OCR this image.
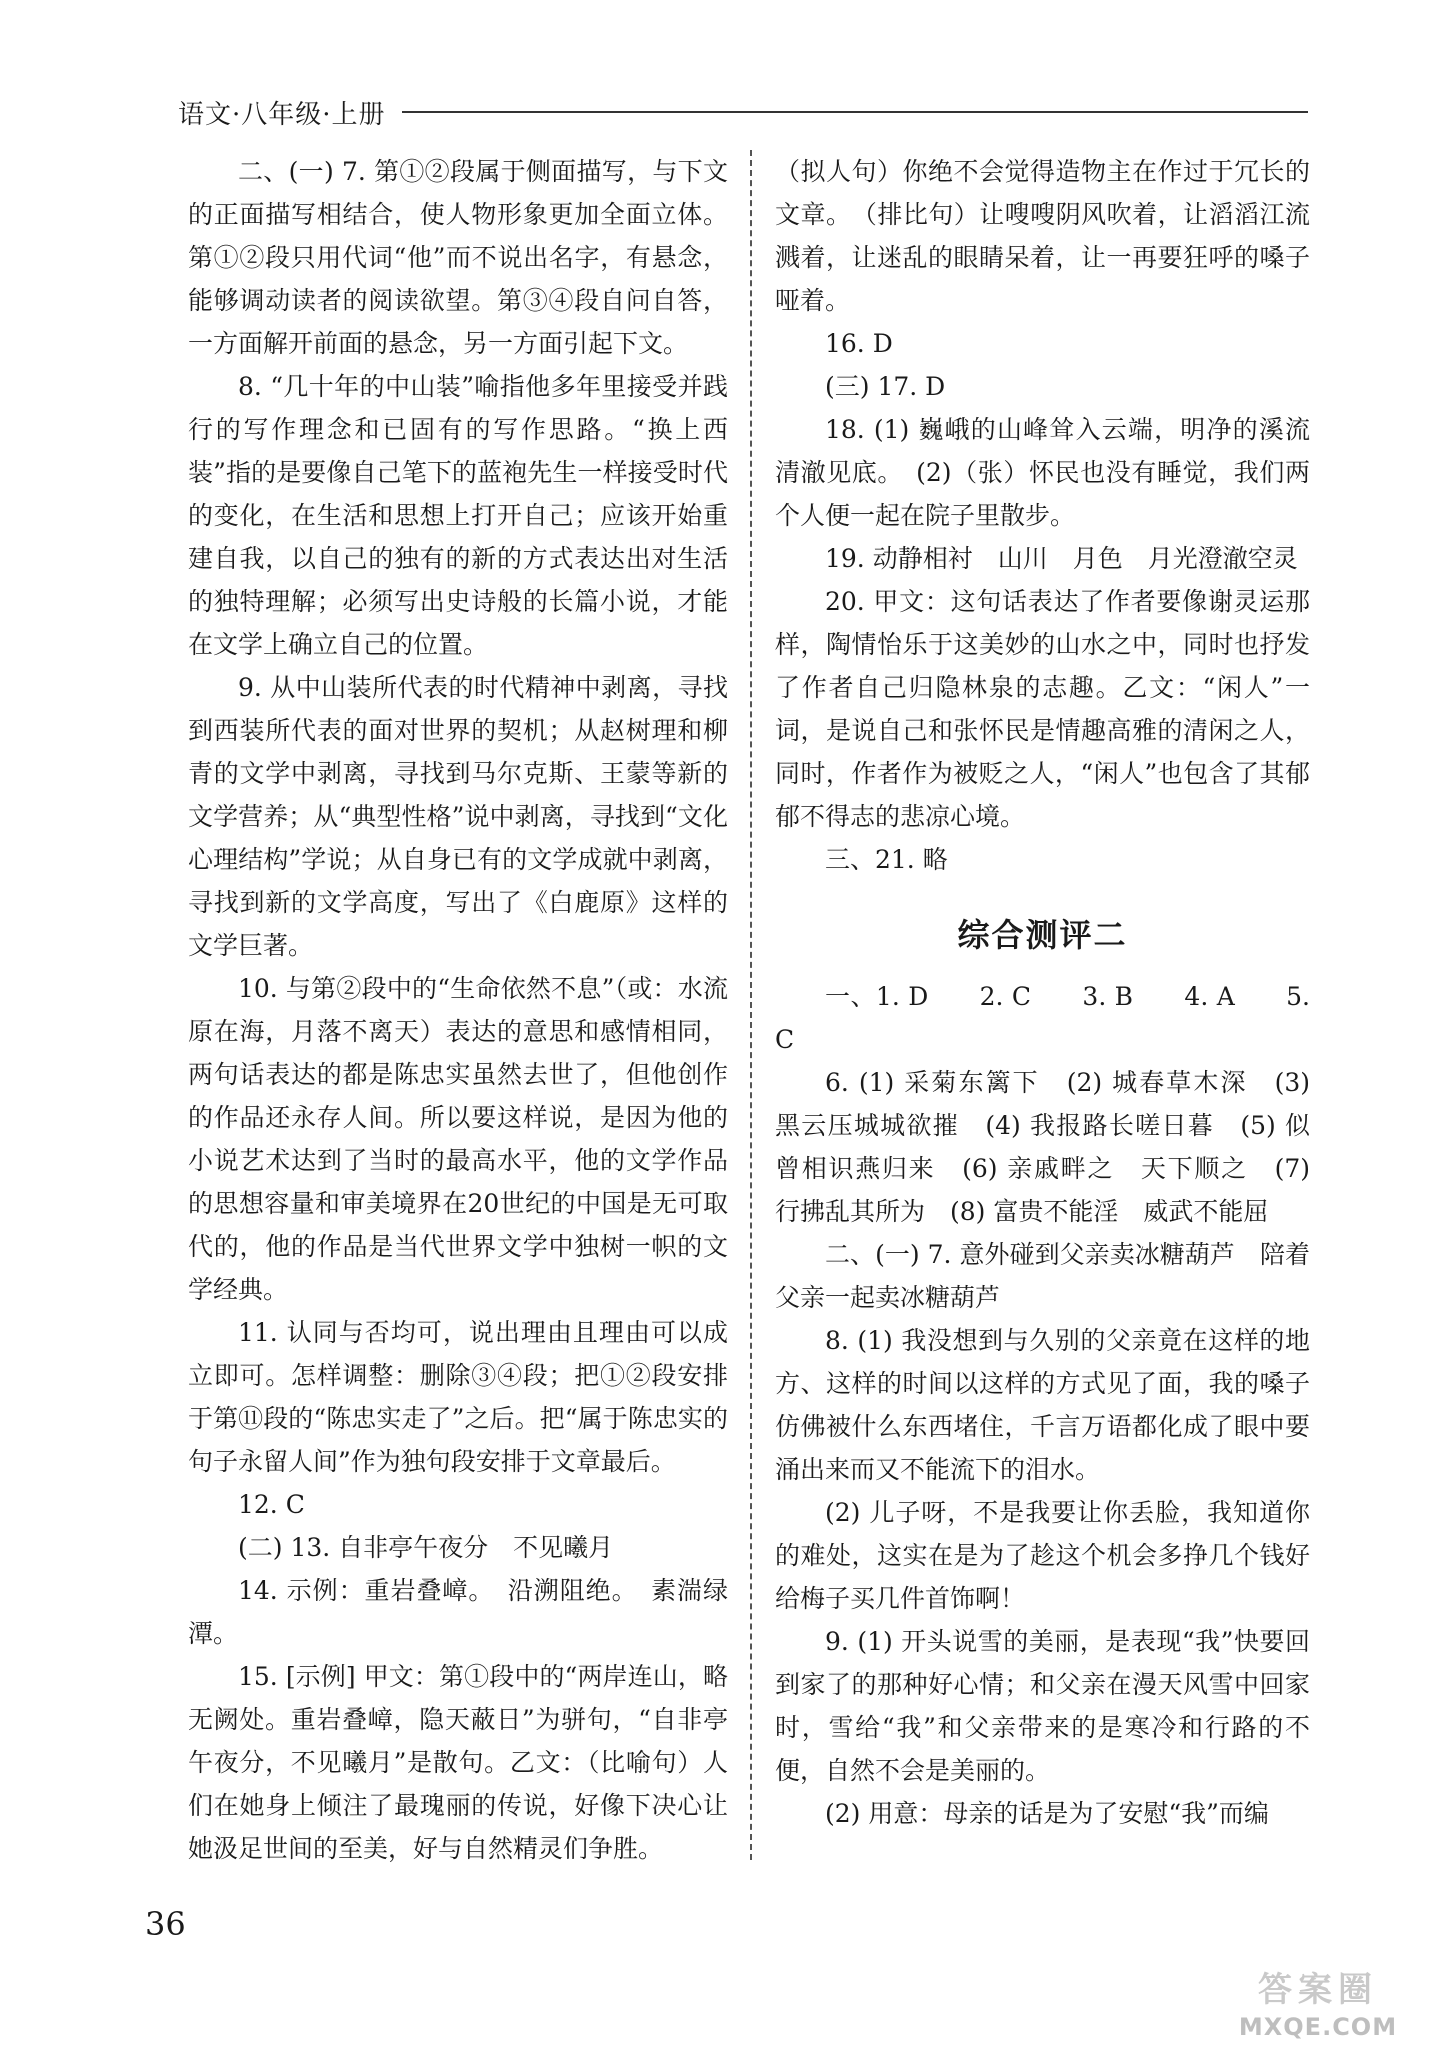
语文·八年级·上册

二、(一) 7. 第①②段属于侧面描写，与下文的正面描写相结合，使人物形象更加全面立体。第①②段只用代词“他”而不说出名字，有悬念，能够调动读者的阅读欲望。第③④段自问自答，一方面解开前面的悬念，另一方面引起下文。

8. “几十年的中山装”喻指他多年里接受并践行的写作理念和已固有的写作思路。“换上西装”指的是要像自己笔下的蓝袍先生一样接受时代的变化，在生活和思想上打开自己；应该开始重建自我，以自己的独有的新的方式表达出对生活的独特理解；必须写出史诗般的长篇小说，才能在文学上确立自己的位置。

9. 从中山装所代表的时代精神中剥离，寻找到西装所代表的面对世界的契机；从赵树理和柳青的文学中剥离，寻找到马尔克斯、王蒙等新的文学营养；从“典型性格”说中剥离，寻找到“文化心理结构”学说；从自身已有的文学成就中剥离，寻找到新的文学高度，写出了《白鹿原》这样的文学巨著。

10. 与第②段中的“生命依然不息”（或：水流原在海，月落不离天）表达的意思和感情相同，两句话表达的都是陈忠实虽然去世了，但他创作的作品还永存人间。所以要这样说，是因为他的小说艺术达到了当时的最高水平，他的文学作品的思想容量和审美境界在20世纪的中国是无可取代的，他的作品是当代世界文学中独树一帜的文学经典。

11. 认同与否均可，说出理由且理由可以成立即可。怎样调整：删除③④段；把①②段安排于第⑪段的“陈忠实走了”之后。把“属于陈忠实的句子永留人间”作为独句段安排于文章最后。

12. C

(二) 13. 自非亭午夜分　不见曦月

14. 示例：重岩叠嶂。　沿溯阻绝。　素湍绿潭。

15. [示例] 甲文：第①段中的“两岸连山，略无阙处。重岩叠嶂，隐天蔽日”为骈句，“自非亭午夜分，不见曦月”是散句。乙文：（比喻句）人们在她身上倾注了最瑰丽的传说，好像下决心让她汲足世间的至美，好与自然精灵们争胜。

（拟人句）你绝不会觉得造物主在作过于冗长的文章。　（排比句）让嗖嗖阴风吹着，让滔滔江流溅着，让迷乱的眼睛呆着，让一再要狂呼的嗓子哑着。

16. D

(三) 17. D

18. (1) 巍峨的山峰耸入云端，明净的溪流清澈见底。　(2)（张）怀民也没有睡觉，我们两个人便一起在院子里散步。

19. 动静相衬　山川　月色　月光澄澈空灵

20. 甲文：这句话表达了作者要像谢灵运那样，陶情怡乐于这美妙的山水之中，同时也抒发了作者自己归隐林泉的志趣。乙文：“闲人”一词，是说自己和张怀民是情趣高雅的清闲之人，同时，作者作为被贬之人，“闲人”也包含了其郁郁不得志的悲凉心境。

三、21. 略

综合测评二

一、1. D　　2. C　　3. B　　4. A　　5. C

6. (1) 采菊东篱下　(2) 城春草木深　(3) 黑云压城城欲摧　(4) 我报路长嗟日暮　(5) 似曾相识燕归来　(6) 亲戚畔之　天下顺之　(7) 行拂乱其所为　(8) 富贵不能淫　威武不能屈

二、(一) 7. 意外碰到父亲卖冰糖葫芦　陪着父亲一起卖冰糖葫芦

8. (1) 我没想到与久别的父亲竟在这样的地方、这样的时间以这样的方式见了面，我的嗓子仿佛被什么东西堵住，千言万语都化成了眼中要涌出来而又不能流下的泪水。

(2) 儿子呀，不是我要让你丢脸，我知道你的难处，这实在是为了趁这个机会多挣几个钱好给梅子买几件首饰啊！

9. (1) 开头说雪的美丽，是表现“我”快要回到家了的那种好心情；和父亲在漫天风雪中回家时，雪给“我”和父亲带来的是寒冷和行路的不便，自然不会是美丽的。

(2) 用意：母亲的话是为了安慰“我”而编

36
答案圈
MXQE.COM
